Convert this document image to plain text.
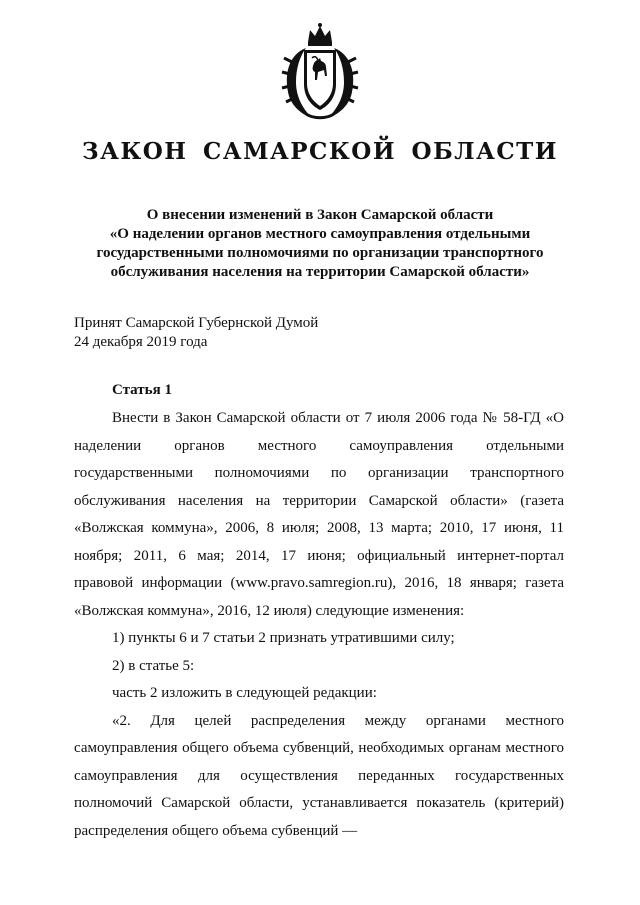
ЗАКОН САМАРСКОЙ ОБЛАСТИ
О внесении изменений в Закон Самарской области
«О наделении органов местного самоуправления отдельными
государственными полномочиями по организации транспортного
обслуживания населения на территории Самарской области»
Принят Самарской Губернской Думой
24 декабря 2019 года
Статья 1

Внести в Закон Самарской области от 7 июля 2006 года № 58-ГД «О наделении органов местного самоуправления отдельными государственными полномочиями по организации транспортного обслуживания населения на территории Самарской области» (газета «Волжская коммуна», 2006, 8 июля; 2008, 13 марта; 2010, 17 июня, 11 ноября; 2011, 6 мая; 2014, 17 июня; официальный интернет-портал правовой информации (www.pravo.samregion.ru), 2016, 18 января; газета «Волжская коммуна», 2016, 12 июля) следующие изменения:

1) пункты 6 и 7 статьи 2 признать утратившими силу;

2) в статье 5:

часть 2 изложить в следующей редакции:

«2. Для целей распределения между органами местного самоуправления общего объема субвенций, необходимых органам местного самоуправления для осуществления переданных государственных полномочий Самарской области, устанавливается показатель (критерий) распределения общего объема субвенций —
